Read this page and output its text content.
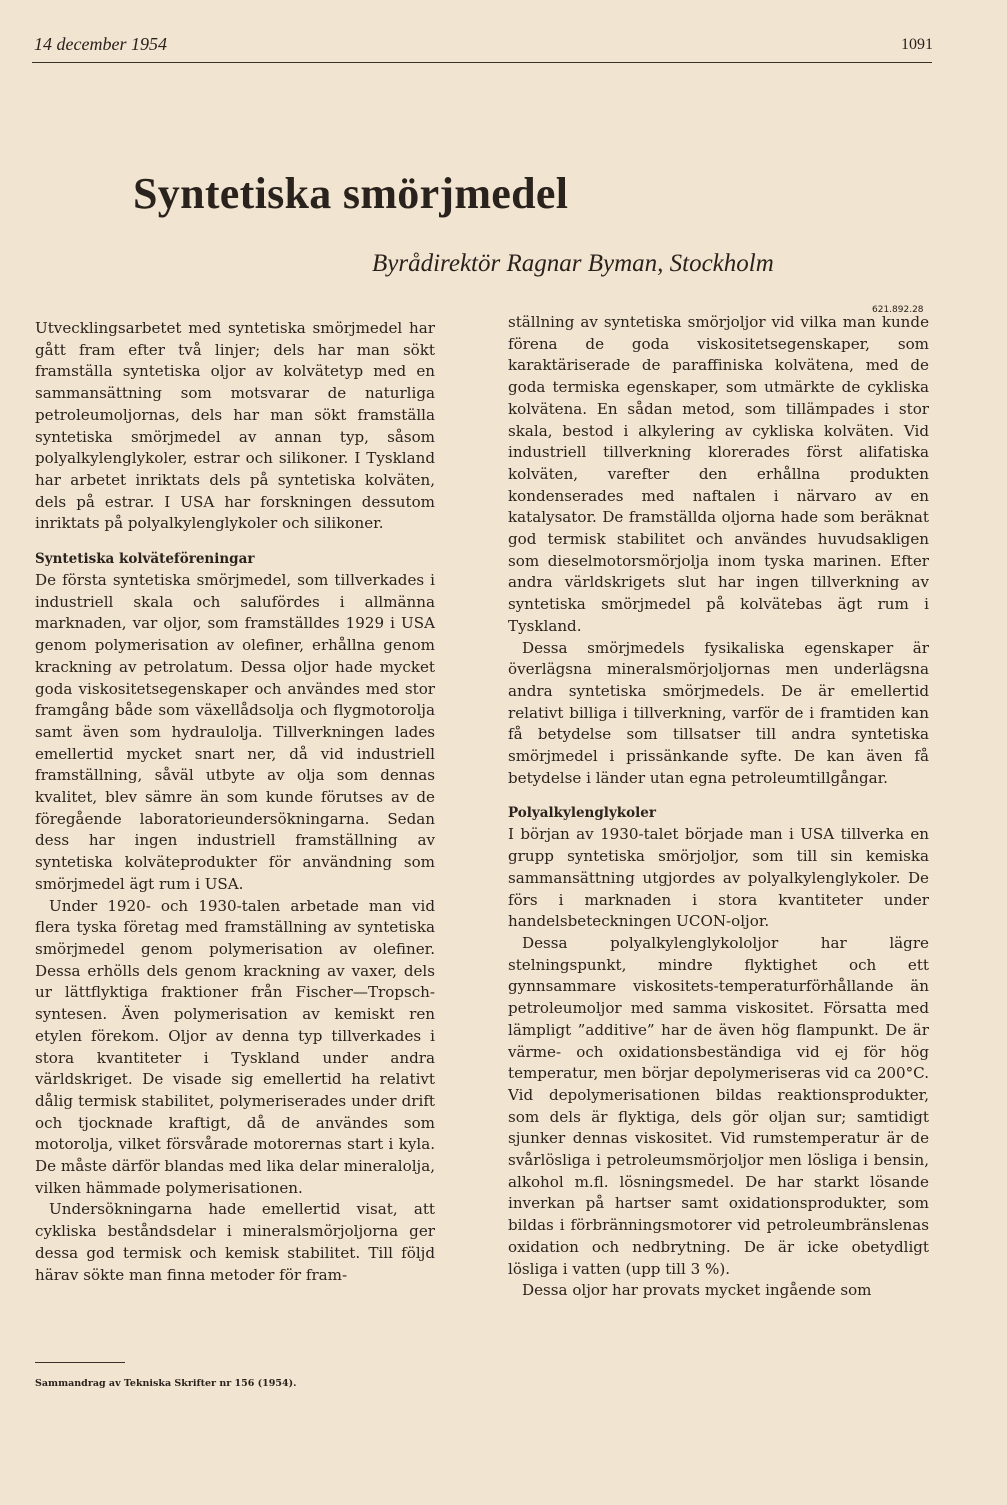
14 december 1954	1091
Syntetiska smörjmedel
Byrådirektör Ragnar Byman, Stockholm
621.892.28

Utvecklingsarbetet med syntetiska smörjmedel har gått fram efter två linjer; dels har man sökt framställa syntetiska oljor av kolvätetyp med en sammansättning som motsvarar de naturliga petroleumoljornas, dels har man sökt framställa syntetiska smörjmedel av annan typ, såsom polyalkylenglykoler, estrar och silikoner. I Tyskland har arbetet inriktats dels på syntetiska kolväten, dels på estrar. I USA har forskningen dessutom inriktats på polyalkylenglykoler och silikoner.

Syntetiska kolväteföreningar

De första syntetiska smörjmedel, som tillverkades i industriell skala och salufördes i allmänna marknaden, var oljor, som framställdes 1929 i USA genom polymerisation av olefiner, erhållna genom krackning av petrolatum. Dessa oljor hade mycket goda viskositetsegenskaper och användes med stor framgång både som växellådsolja och flygmotorolja samt även som hydraulolja. Tillverkningen lades emellertid mycket snart ner, då vid industriell framställning, såväl utbyte av olja som dennas kvalitet, blev sämre än som kunde förutses av de föregående laboratorieundersökningarna. Sedan dess har ingen industriell framställning av syntetiska kolväteprodukter för användning som smörjmedel ägt rum i USA.

Under 1920- och 1930-talen arbetade man vid flera tyska företag med framställning av syntetiska smörjmedel genom polymerisation av olefiner. Dessa erhölls dels genom krackning av vaxer, dels ur lättflyktiga fraktioner från Fischer—Tropsch-syntesen. Även polymerisation av kemiskt ren etylen förekom. Oljor av denna typ tillverkades i stora kvantiteter i Tyskland under andra världskriget. De visade sig emellertid ha relativt dålig termisk stabilitet, polymeriserades under drift och tjocknade kraftigt, då de användes som motorolja, vilket försvårade motorernas start i kyla. De måste därför blandas med lika delar mineralolja, vilken hämmade polymerisationen.

Undersökningarna hade emellertid visat, att cykliska beståndsdelar i mineralsmörjoljorna ger dessa god termisk och kemisk stabilitet. Till följd härav sökte man finna metoder för fram-

Sammandrag av Tekniska Skrifter nr 156 (1954).

ställning av syntetiska smörjoljor vid vilka man kunde förena de goda viskositetsegenskaper, som karaktäriserade de paraffiniska kolvätena, med de goda termiska egenskaper, som utmärkte de cykliska kolvätena. En sådan metod, som tillämpades i stor skala, bestod i alkylering av cykliska kolväten. Vid industriell tillverkning klorerades först alifatiska kolväten, varefter den erhållna produkten kondenserades med naftalen i närvaro av en katalysator. De framställda oljorna hade som beräknat god termisk stabilitet och användes huvudsakligen som dieselmotorsmörjolja inom tyska marinen. Efter andra världskrigets slut har ingen tillverkning av syntetiska smörjmedel på kolvätebas ägt rum i Tyskland.

Dessa smörjmedels fysikaliska egenskaper är överlägsna mineralsmörjoljornas men underlägsna andra syntetiska smörjmedels. De är emellertid relativt billiga i tillverkning, varför de i framtiden kan få betydelse som tillsatser till andra syntetiska smörjmedel i prissänkande syfte. De kan även få betydelse i länder utan egna petroleumtillgångar.

Polyalkylenglykoler

I början av 1930-talet började man i USA tillverka en grupp syntetiska smörjoljor, som till sin kemiska sammansättning utgjordes av polyalkylenglykoler. De förs i marknaden i stora kvantiteter under handelsbeteckningen UCON-oljor.

Dessa polyalkylenglykololjor har lägre stelningspunkt, mindre flyktighet och ett gynnsammare viskositets-temperaturförhållande än petroleumoljor med samma viskositet. Försatta med lämpligt ”additive” har de även hög flampunkt. De är värme- och oxidationsbeständiga vid ej för hög temperatur, men börjar depolymeriseras vid ca 200°C. Vid depolymerisationen bildas reaktionsprodukter, som dels är flyktiga, dels gör oljan sur; samtidigt sjunker dennas viskositet. Vid rumstemperatur är de svårlösliga i petroleumsmörjoljor men lösliga i bensin, alkohol m.fl. lösningsmedel. De har starkt lösande inverkan på hartser samt oxidationsprodukter, som bildas i förbränningsmotorer vid petroleumbränslenas oxidation och nedbrytning. De är icke obetydligt lösliga i vatten (upp till 3 %).

Dessa oljor har provats mycket ingående som
